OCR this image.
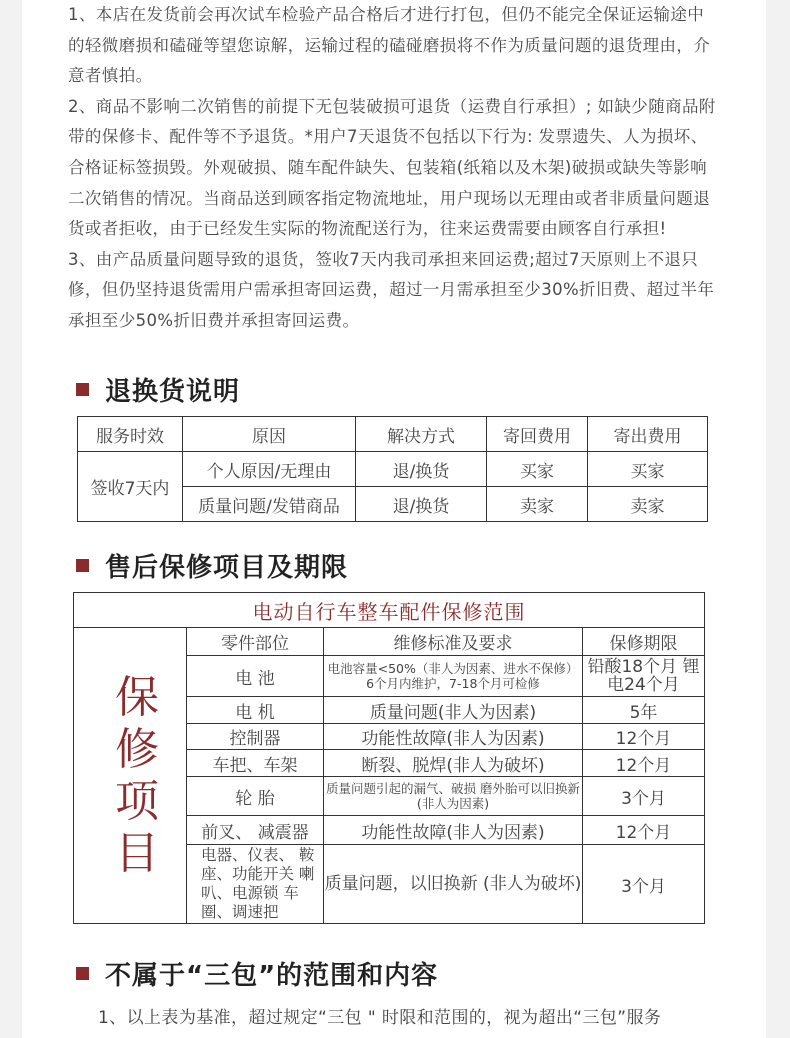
1、本店在发货前会再次试车检验产品合格后才进行打包，但仍不能完全保证运输途中的轻微磨损和磕碰等望您谅解，运输过程的磕碰磨损将不作为质量问题的退货理由，介意者慎拍。

2、商品不影响二次销售的前提下无包装破损可退货（运费自行承担）; 如缺少随商品附带的保修卡、配件等不予退货。*用户7天退货不包括以下行为: 发票遗失、人为损坏、合格证标签损毁。外观破损、随车配件缺失、包装箱(纸箱以及木架)破损或缺失等影响二次销售的情况。当商品送到顾客指定物流地址，用户现场以无理由或者非质量问题退货或者拒收，由于已经发生实际的物流配送行为，往来运费需要由顾客自行承担!

3、由产品质量问题导致的退货，签收7天内我司承担来回运费;超过7天原则上不退只修，但仍坚持退货需用户需承担寄回运费，超过一月需承担至少30%折旧费、超过半年承担至少50%折旧费并承担寄回运费。

退换货说明
服务时效	原因	解决方式	寄回费用	寄出费用
签收7天内	个人原因/无理由	退/换货	买家	买家
	质量问题/发错商品	退/换货	卖家	卖家
售后保修项目及期限
电动自行车整车配件保修范围			

保修项目	零件部位	维修标准及要求	保修期限
	电 池	电池容量<50%（非人为因素、进水不保修）6个月内维护，7-18个月可检修	铅酸18个月 锂电24个月
	电 机	质量问题(非人为因素)	5年
	控制器	功能性故障(非人为因素)	12个月
	车把、车架	断裂、脱焊(非人为破坏)	12个月
	轮 胎	质量问题引起的漏气、破损 磨外胎可以旧换新(非人为因素)	3个月
	前叉、 减震器	功能性故障(非人为因素)	12个月
	电器、仪表、 鞍座、功能开关 喇叭、电源锁 车圈、调速把	质量问题，以旧换新 (非人为破坏)	3个月
不属于“三包”的范围和内容
1、以上表为基准，超过规定“三包 " 时限和范围的，视为超出“三包”服务
